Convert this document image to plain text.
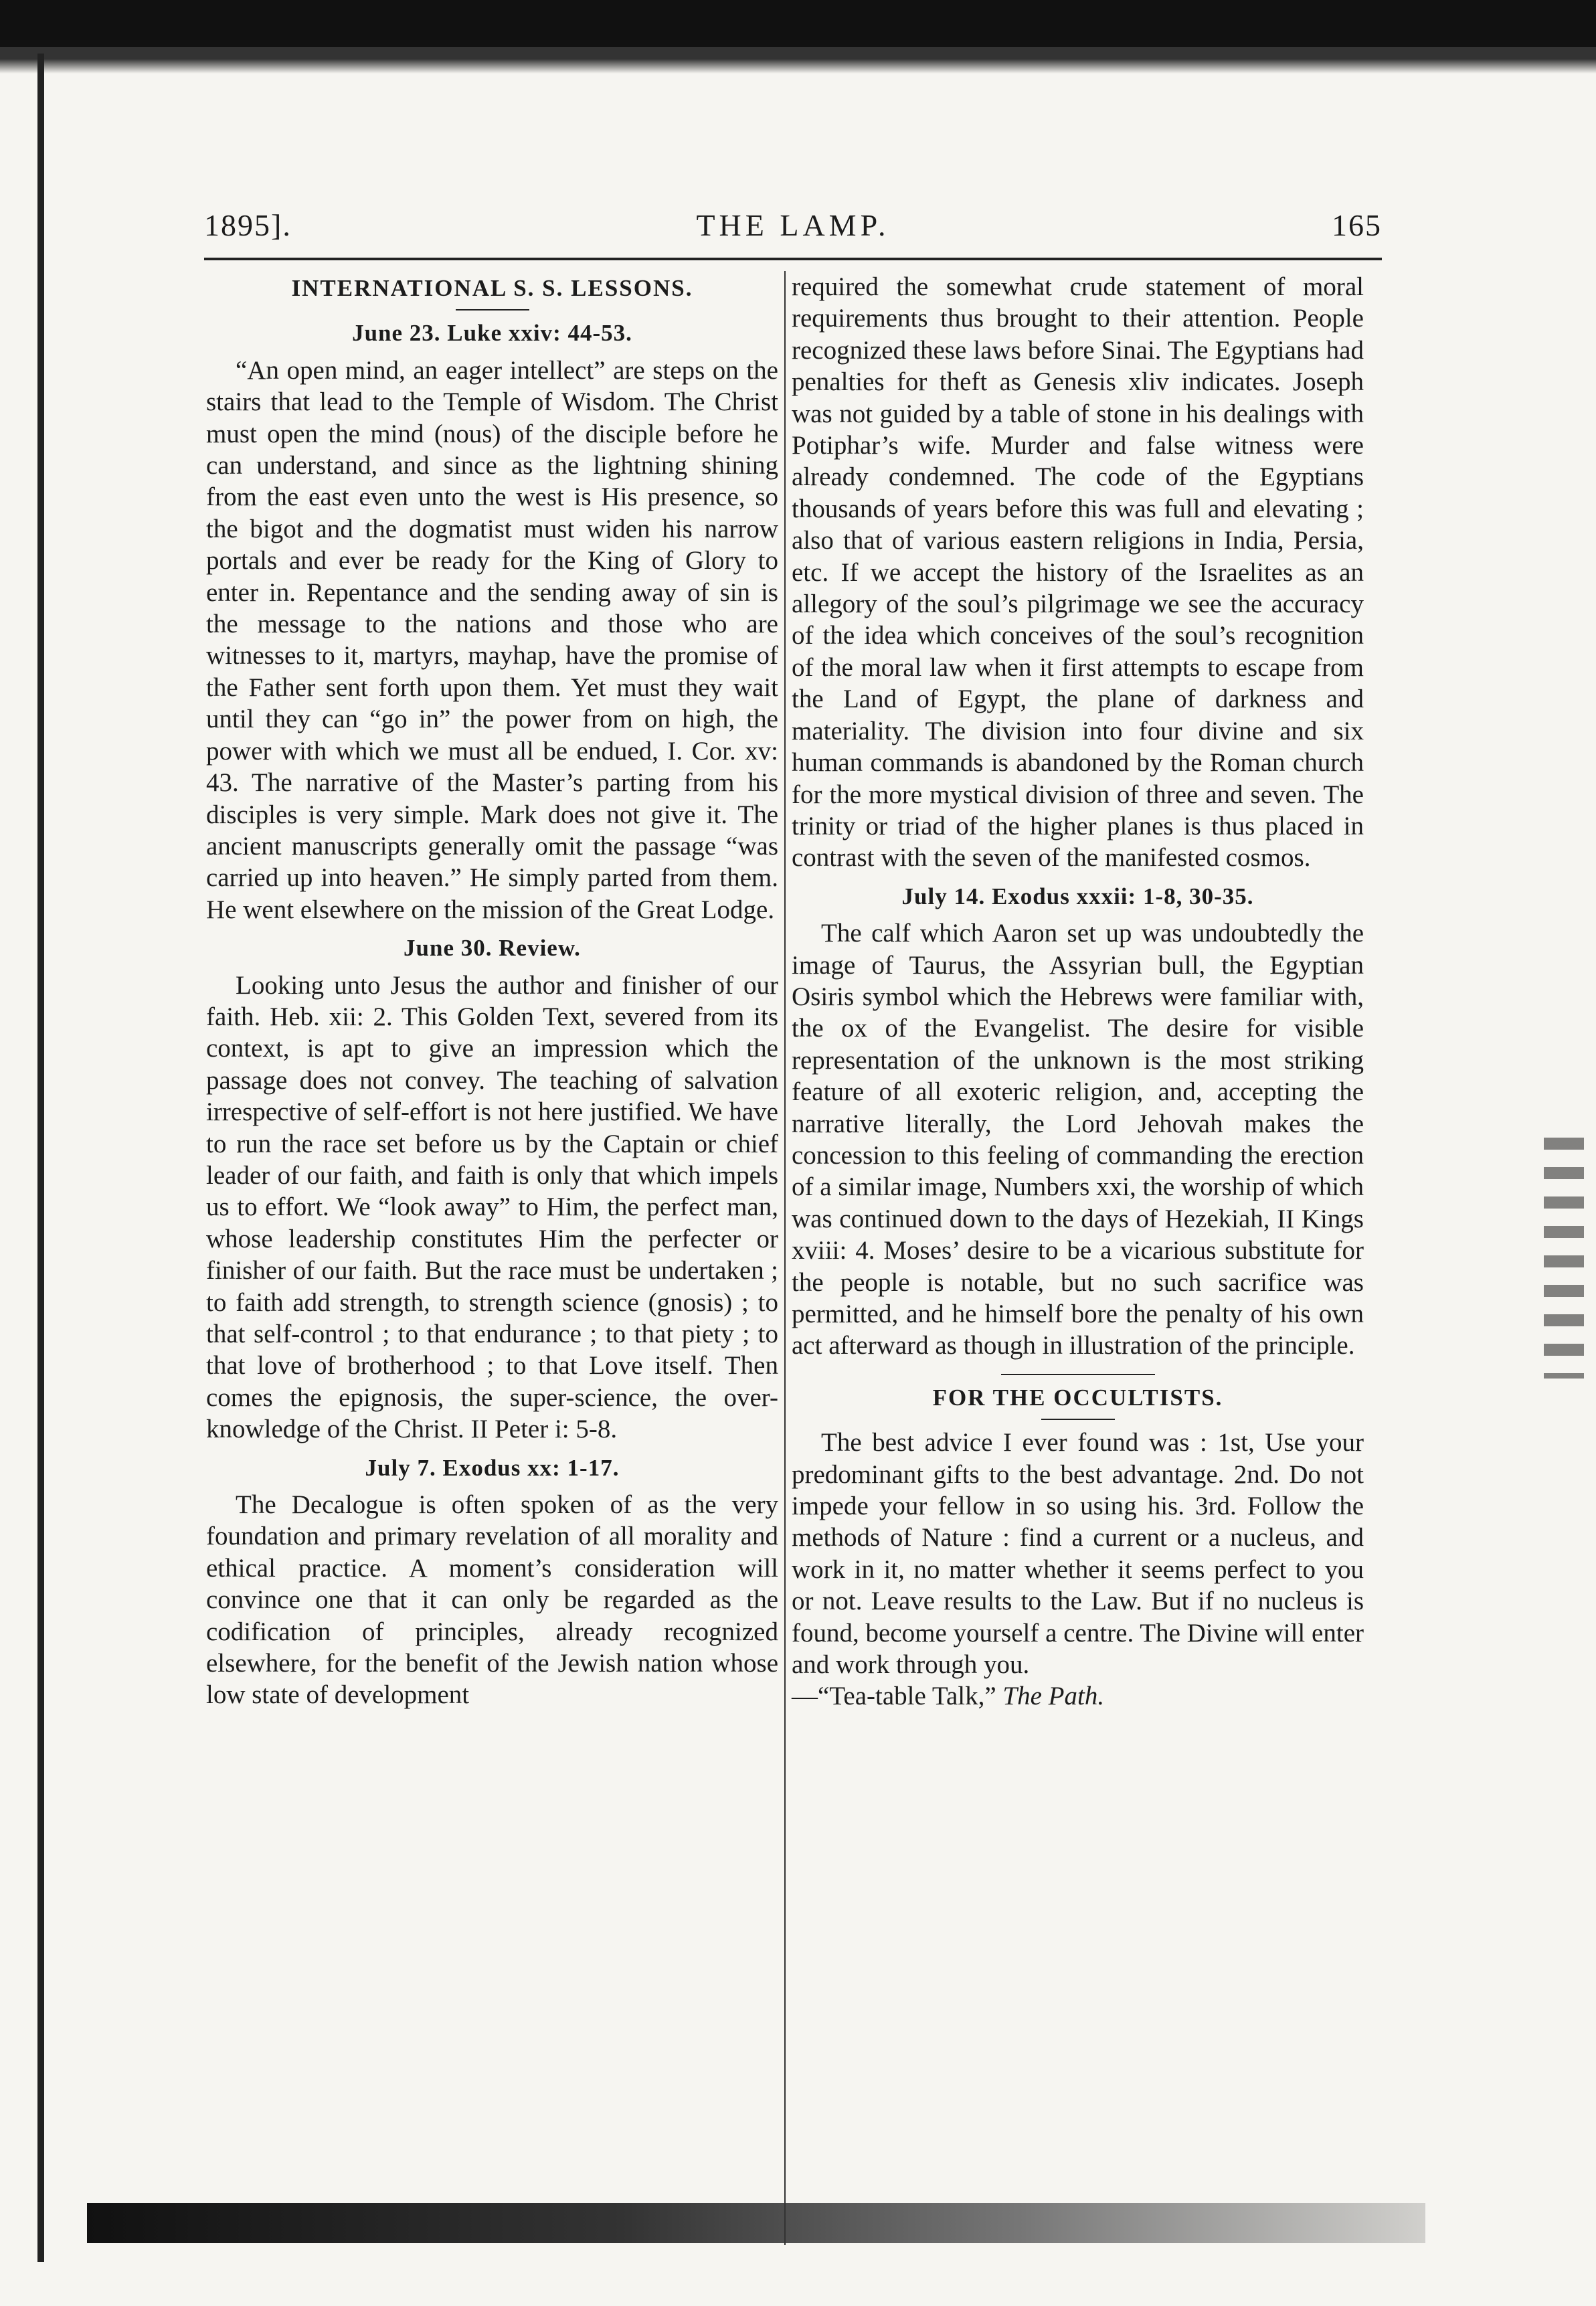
1895].	THE LAMP.	165
INTERNATIONAL S. S. LESSONS.
June 23. Luke xxiv: 44-53.

“An open mind, an eager intellect” are steps on the stairs that lead to the Temple of Wisdom. The Christ must open the mind (nous) of the disciple before he can understand, and since as the lightning shining from the east even unto the west is His presence, so the bigot and the dogmatist must widen his narrow portals and ever be ready for the King of Glory to enter in. Repentance and the sending away of sin is the message to the nations and those who are witnesses to it, martyrs, mayhap, have the promise of the Father sent forth upon them. Yet must they wait until they can “go in” the power from on high, the power with which we must all be endued, I. Cor. xv: 43. The narrative of the Master’s parting from his disciples is very simple. Mark does not give it. The ancient manuscripts generally omit the passage “was carried up into heaven.” He simply parted from them. He went elsewhere on the mission of the Great Lodge.

June 30. Review.

Looking unto Jesus the author and finisher of our faith. Heb. xii: 2. This Golden Text, severed from its context, is apt to give an impression which the passage does not convey. The teaching of salvation irrespective of self-effort is not here justified. We have to run the race set before us by the Captain or chief leader of our faith, and faith is only that which impels us to effort. We “look away” to Him, the perfect man, whose leadership constitutes Him the perfecter or finisher of our faith. But the race must be undertaken ; to faith add strength, to strength science (gnosis) ; to that self-control ; to that endurance ; to that piety ; to that love of brotherhood ; to that Love itself. Then comes the epignosis, the super-science, the over-knowledge of the Christ. II Peter i: 5-8.

July 7. Exodus xx: 1-17.

The Decalogue is often spoken of as the very foundation and primary revelation of all morality and ethical practice. A moment’s consideration will convince one that it can only be regarded as the codification of principles, already recognized elsewhere, for the benefit of the Jewish nation whose low state of development

required the somewhat crude statement of moral requirements thus brought to their attention. People recognized these laws before Sinai. The Egyptians had penalties for theft as Genesis xliv indicates. Joseph was not guided by a table of stone in his dealings with Potiphar’s wife. Murder and false witness were already condemned. The code of the Egyptians thousands of years before this was full and elevating ; also that of various eastern religions in India, Persia, etc. If we accept the history of the Israelites as an allegory of the soul’s pilgrimage we see the accuracy of the idea which conceives of the soul’s recognition of the moral law when it first attempts to escape from the Land of Egypt, the plane of darkness and materiality. The division into four divine and six human commands is abandoned by the Roman church for the more mystical division of three and seven. The trinity or triad of the higher planes is thus placed in contrast with the seven of the manifested cosmos.

July 14. Exodus xxxii: 1-8, 30-35.

The calf which Aaron set up was undoubtedly the image of Taurus, the Assyrian bull, the Egyptian Osiris symbol which the Hebrews were familiar with, the ox of the Evangelist. The desire for visible representation of the unknown is the most striking feature of all exoteric religion, and, accepting the narrative literally, the Lord Jehovah makes the concession to this feeling of commanding the erection of a similar image, Numbers xxi, the worship of which was continued down to the days of Hezekiah, II Kings xviii: 4. Moses’ desire to be a vicarious substitute for the people is notable, but no such sacrifice was permitted, and he himself bore the penalty of his own act afterward as though in illustration of the principle.

FOR THE OCCULTISTS.

The best advice I ever found was : 1st, Use your predominant gifts to the best advantage. 2nd. Do not impede your fellow in so using his. 3rd. Follow the methods of Nature : find a current or a nucleus, and work in it, no matter whether it seems perfect to you or not. Leave results to the Law. But if no nucleus is found, become yourself a centre. The Divine will enter and work through you.

—“Tea-table Talk,” The Path.
